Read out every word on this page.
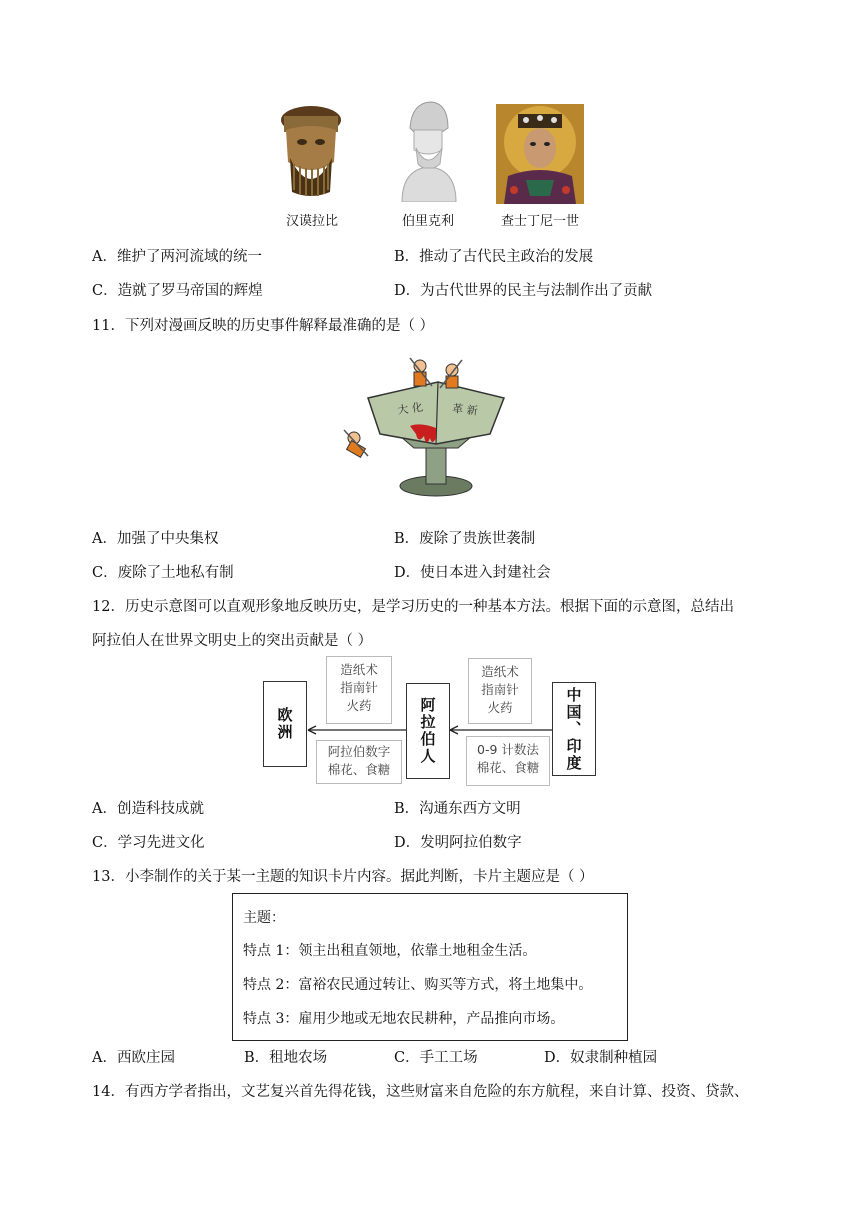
汉谟拉比	伯里克利	查士丁尼一世
A．维护了两河流域的统一	B．推动了古代民主政治的发展
C．造就了罗马帝国的辉煌	D．为古代世界的民主与法制作出了贡献
11．下列对漫画反映的历史事件解释最准确的是（ ）
大 化	革 新
A．加强了中央集权	B．废除了贵族世袭制
C．废除了土地私有制	D．使日本进入封建社会
12．历史示意图可以直观形象地反映历史，是学习历史的一种基本方法。根据下面的示意图，总结出
阿拉伯人在世界文明史上的突出贡献是（ ）
欧洲	阿拉伯人	中国、印度
造纸术
指南针
火药
阿拉伯数字
棉花、食糖
造纸术
指南针
火药
0-9 计数法
棉花、食糖
A．创造科技成就	B．沟通东西方文明
C．学习先进文化	D．发明阿拉伯数字
13．小李制作的关于某一主题的知识卡片内容。据此判断，卡片主题应是（ ）
主题：
特点 1：领主出租直领地，依靠土地租金生活。
特点 2：富裕农民通过转让、购买等方式，将土地集中。
特点 3：雇用少地或无地农民耕种，产品推向市场。
A．西欧庄园	B．租地农场	C．手工工场	D．奴隶制种植园
14．有西方学者指出，文艺复兴首先得花钱，这些财富来自危险的东方航程，来自计算、投资、贷款、
